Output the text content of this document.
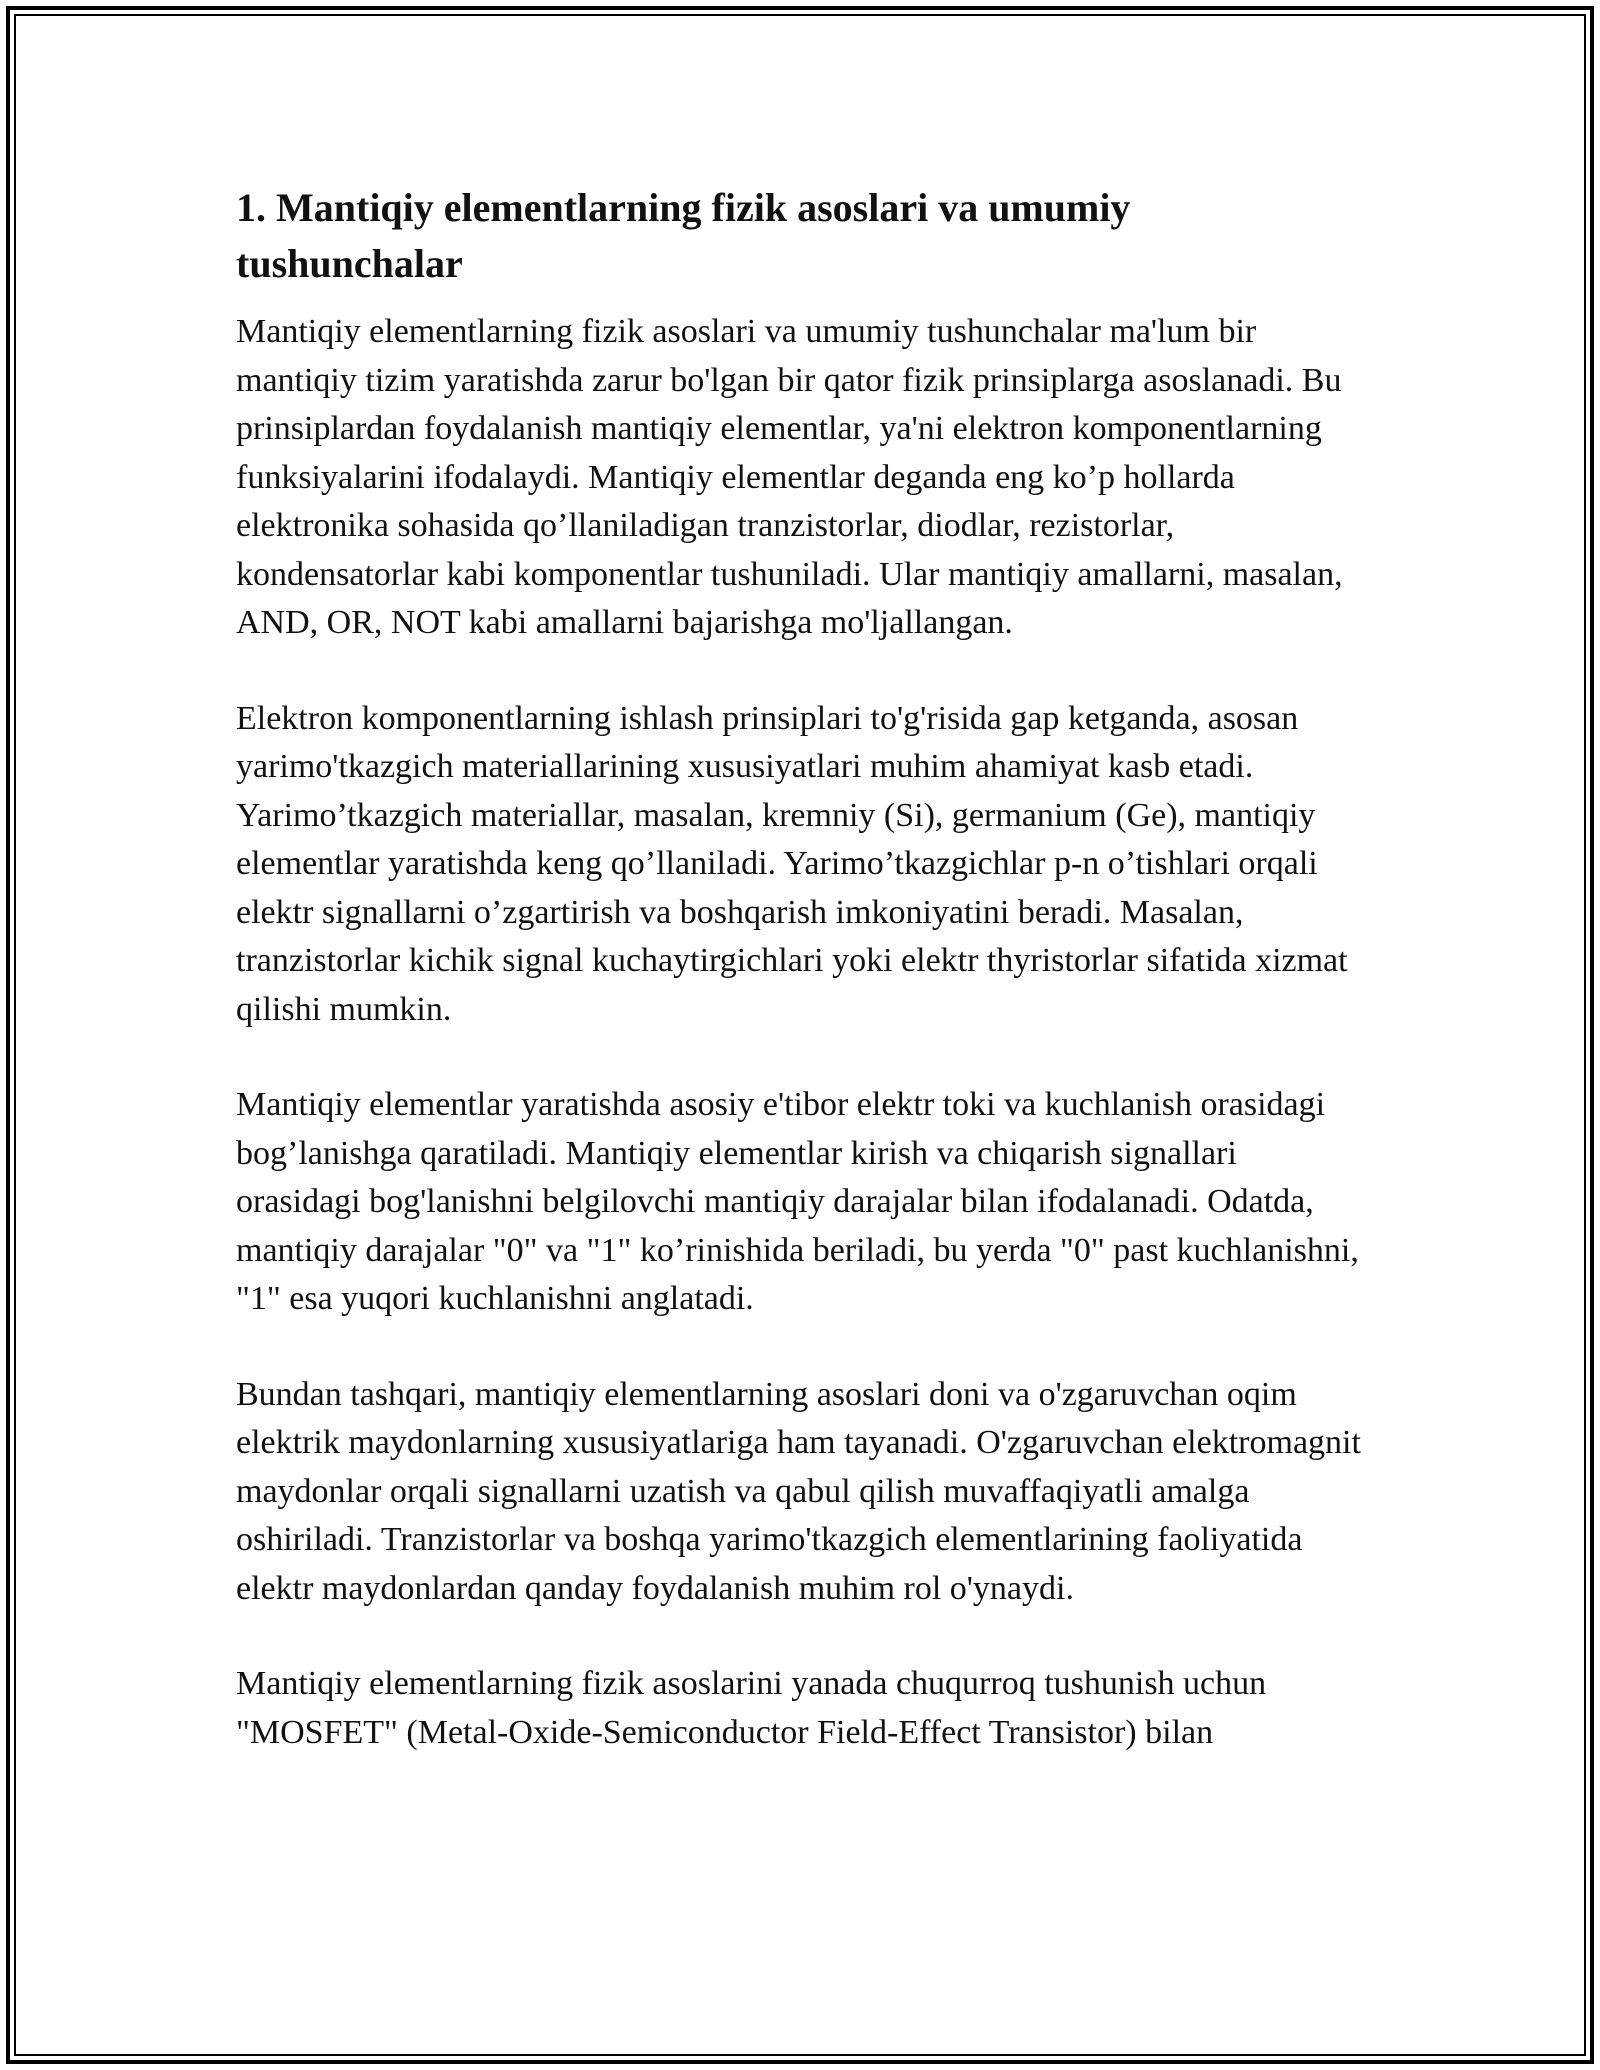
1. Mantiqiy elementlarning fizik asoslari va umumiy tushunchalar

Mantiqiy elementlarning fizik asoslari va umumiy tushunchalar ma'lum bir mantiqiy tizim yaratishda zarur bo'lgan bir qator fizik prinsiplarga asoslanadi. Bu prinsiplardan foydalanish mantiqiy elementlar, ya'ni elektron komponentlarning funksiyalarini ifodalaydi. Mantiqiy elementlar deganda eng ko’p hollarda elektronika sohasida qo’llaniladigan tranzistorlar, diodlar, rezistorlar, kondensatorlar kabi komponentlar tushuniladi. Ular mantiqiy amallarni, masalan, AND, OR, NOT kabi amallarni bajarishga mo'ljallangan.

Elektron komponentlarning ishlash prinsiplari to'g'risida gap ketganda, asosan yarimo'tkazgich materiallarining xususiyatlari muhim ahamiyat kasb etadi. Yarimo’tkazgich materiallar, masalan, kremniy (Si), germanium (Ge), mantiqiy elementlar yaratishda keng qo’llaniladi. Yarimo’tkazgichlar p-n o’tishlari orqali elektr signallarni o’zgartirish va boshqarish imkoniyatini beradi. Masalan, tranzistorlar kichik signal kuchaytirgichlari yoki elektr thyristorlar sifatida xizmat qilishi mumkin.

Mantiqiy elementlar yaratishda asosiy e'tibor elektr toki va kuchlanish orasidagi bog’lanishga qaratiladi. Mantiqiy elementlar kirish va chiqarish signallari orasidagi bog'lanishni belgilovchi mantiqiy darajalar bilan ifodalanadi. Odatda, mantiqiy darajalar "0" va "1" ko’rinishida beriladi, bu yerda "0" past kuchlanishni, "1" esa yuqori kuchlanishni anglatadi.

Bundan tashqari, mantiqiy elementlarning asoslari doni va o'zgaruvchan oqim elektrik maydonlarning xususiyatlariga ham tayanadi. O'zgaruvchan elektromagnit maydonlar orqali signallarni uzatish va qabul qilish muvaffaqiyatli amalga oshiriladi. Tranzistorlar va boshqa yarimo'tkazgich elementlarining faoliyatida elektr maydonlardan qanday foydalanish muhim rol o'ynaydi.

Mantiqiy elementlarning fizik asoslarini yanada chuqurroq tushunish uchun "MOSFET" (Metal-Oxide-Semiconductor Field-Effect Transistor) bilan
